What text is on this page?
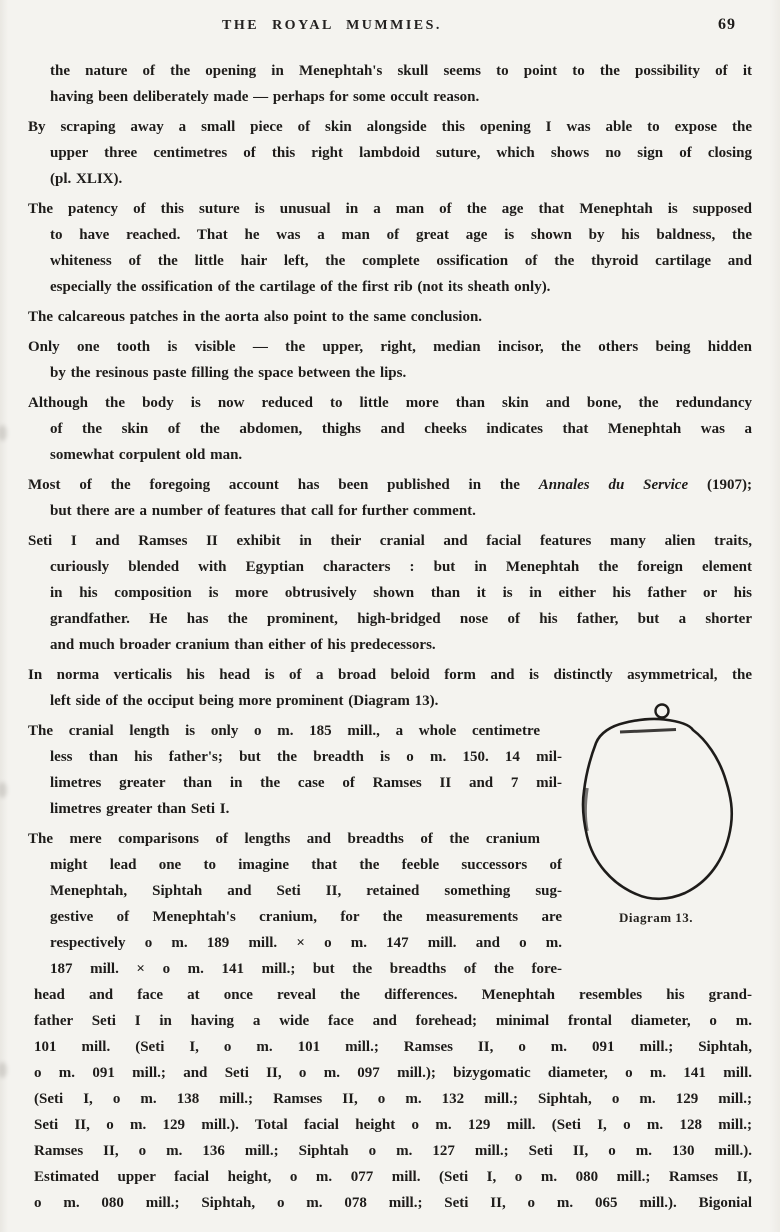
THE ROYAL MUMMIES.	69
the nature of the opening in Menephtah's skull seems to point to the possibility of it
having been deliberately made — perhaps for some occult reason.
By scraping away a small piece of skin alongside this opening I was able to expose the
upper three centimetres of this right lambdoid suture, which shows no sign of closing
(pl. XLIX).
The patency of this suture is unusual in a man of the age that Menephtah is supposed
to have reached. That he was a man of great age is shown by his baldness, the
whiteness of the little hair left, the complete ossification of the thyroid cartilage and
especially the ossification of the cartilage of the first rib (not its sheath only).
The calcareous patches in the aorta also point to the same conclusion.
Only one tooth is visible — the upper, right, median incisor, the others being hidden
by the resinous paste filling the space between the lips.
Although the body is now reduced to little more than skin and bone, the redundancy
of the skin of the abdomen, thighs and cheeks indicates that Menephtah was a
somewhat corpulent old man.
Most of the foregoing account has been published in the Annales du Service (1907);
but there are a number of features that call for further comment.
Seti I and Ramses II exhibit in their cranial and facial features many alien traits,
curiously blended with Egyptian characters : but in Menephtah the foreign element
in his composition is more obtrusively shown than it is in either his father or his
grandfather. He has the prominent, high-bridged nose of his father, but a shorter
and much broader cranium than either of his predecessors.
In norma verticalis his head is of a broad beloid form and is distinctly asymmetrical, the
left side of the occiput being more prominent (Diagram 13).
The cranial length is only o m. 185 mill., a whole centimetre
less than his father's; but the breadth is o m. 150. 14 mil-
limetres greater than in the case of Ramses II and 7 mil-
limetres greater than Seti I.
The mere comparisons of lengths and breadths of the cranium
might lead one to imagine that the feeble successors of
Menephtah, Siphtah and Seti II, retained something sug-
gestive of Menephtah's cranium, for the measurements are
respectively o m. 189 mill. × o m. 147 mill. and o m.
187 mill. × o m. 141 mill.; but the breadths of the fore-
head and face at once reveal the differences. Menephtah resembles his grand-
father Seti I in having a wide face and forehead; minimal frontal diameter, o m.
101 mill. (Seti I, o m. 101 mill.; Ramses II, o m. 091 mill.; Siphtah,
o m. 091 mill.; and Seti II, o m. 097 mill.); bizygomatic diameter, o m. 141 mill.
(Seti I, o m. 138 mill.; Ramses II, o m. 132 mill.; Siphtah, o m. 129 mill.;
Seti II, o m. 129 mill.). Total facial height o m. 129 mill. (Seti I, o m. 128 mill.;
Ramses II, o m. 136 mill.; Siphtah o m. 127 mill.; Seti II, o m. 130 mill.).
Estimated upper facial height, o m. 077 mill. (Seti I, o m. 080 mill.; Ramses II,
o m. 080 mill.; Siphtah, o m. 078 mill.; Seti II, o m. 065 mill.). Bigonial
Diagram 13.
